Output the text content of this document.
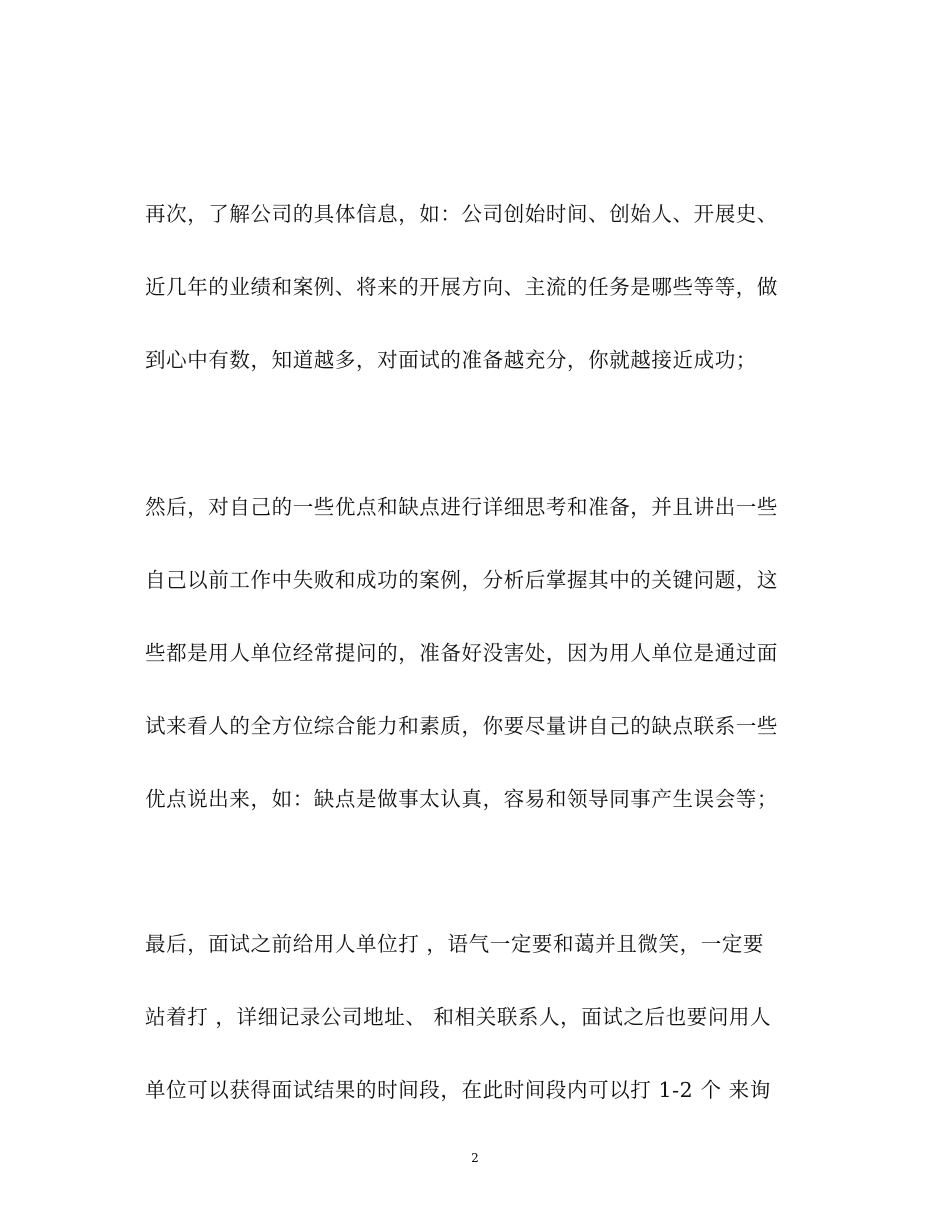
再次，了解公司的具体信息，如：公司创始时间、创始人、开展史、
近几年的业绩和案例、将来的开展方向、主流的任务是哪些等等，做
到心中有数，知道越多，对面试的准备越充分，你就越接近成功；
然后，对自己的一些优点和缺点进行详细思考和准备，并且讲出一些
自己以前工作中失败和成功的案例，分析后掌握其中的关键问题，这
些都是用人单位经常提问的，准备好没害处，因为用人单位是通过面
试来看人的全方位综合能力和素质，你要尽量讲自己的缺点联系一些
优点说出来，如：缺点是做事太认真，容易和领导同事产生误会等；
最后，面试之前给用人单位打 ，语气一定要和蔼并且微笑，一定要
站着打 ，详细记录公司地址、 和相关联系人，面试之后也要问用人
单位可以获得面试结果的时间段，在此时间段内可以打 1-2 个 来询
2
